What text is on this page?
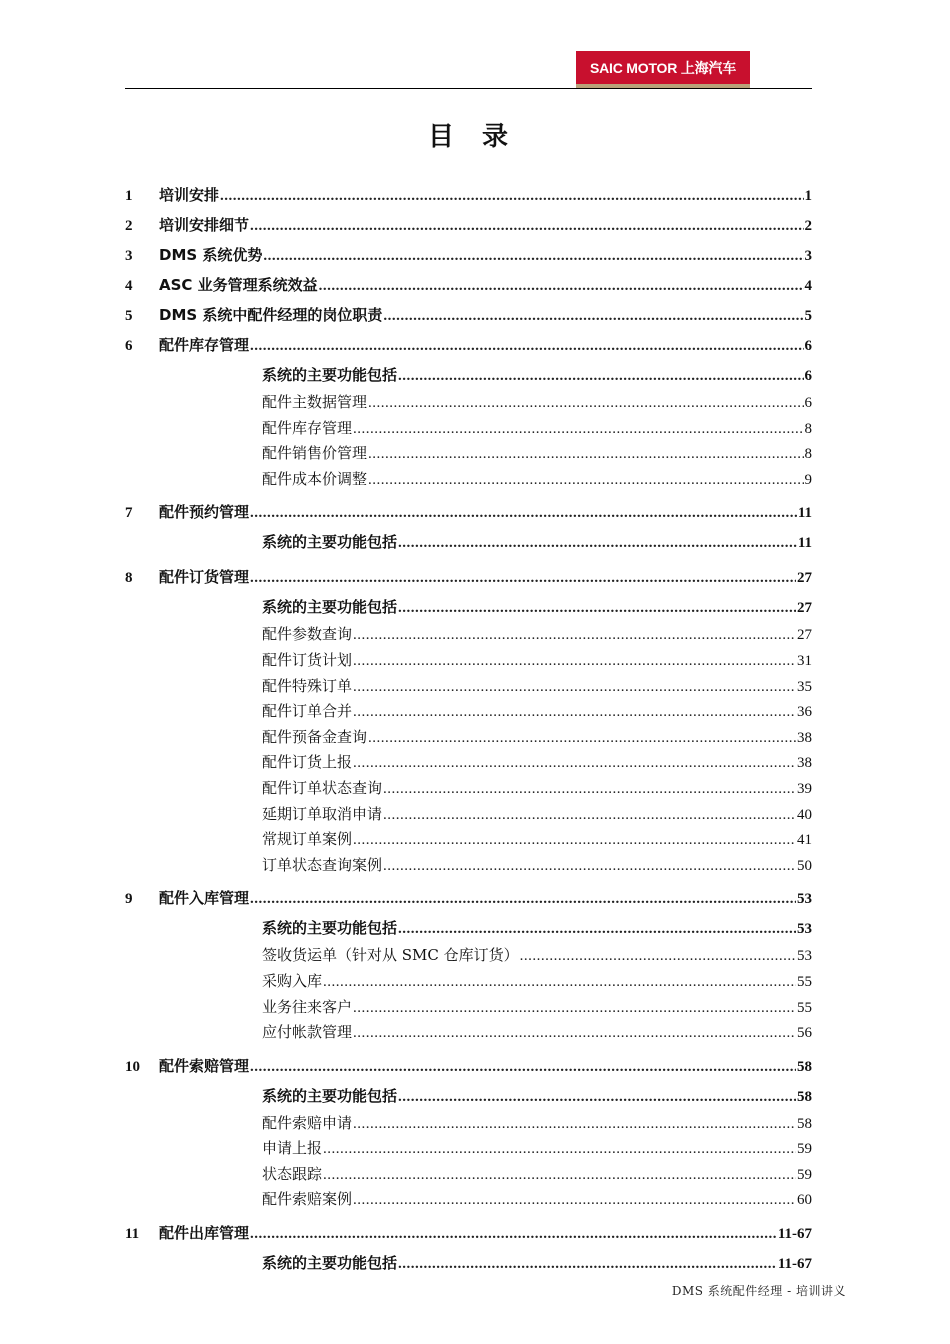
SAIC MOTOR 上海汽车
目　录
1	培训安排 .....	1
2	培训安排细节 .....	2
3	DMS 系统优势 .....	3
4	ASC 业务管理系统效益 .....	4
5	DMS 系统中配件经理的岗位职责 .....	5
6	配件库存管理 .....	6
系统的主要功能包括 .....	6
配件主数据管理 .....	6
配件库存管理 .....	8
配件销售价管理 .....	8
配件成本价调整 .....	9
7	配件预约管理 .....	11
系统的主要功能包括 .....	11
8	配件订货管理 .....	27
系统的主要功能包括 .....	27
配件参数查询 .....	27
配件订货计划 .....	31
配件特殊订单 .....	35
配件订单合并 .....	36
配件预备金查询 .....	38
配件订货上报 .....	38
配件订单状态查询 .....	39
延期订单取消申请 .....	40
常规订单案例 .....	41
订单状态查询案例 .....	50
9	配件入库管理 .....	53
系统的主要功能包括 .....	53
签收货运单（针对从 SMC 仓库订货） .....	53
采购入库 .....	55
业务往来客户 .....	55
应付帐款管理 .....	56
10	配件索赔管理 .....	58
系统的主要功能包括 .....	58
配件索赔申请 .....	58
申请上报 .....	59
状态跟踪 .....	59
配件索赔案例 .....	60
11	配件出库管理 .....	11-67
系统的主要功能包括 .....	11-67
DMS 系统配件经理 - 培训讲义
